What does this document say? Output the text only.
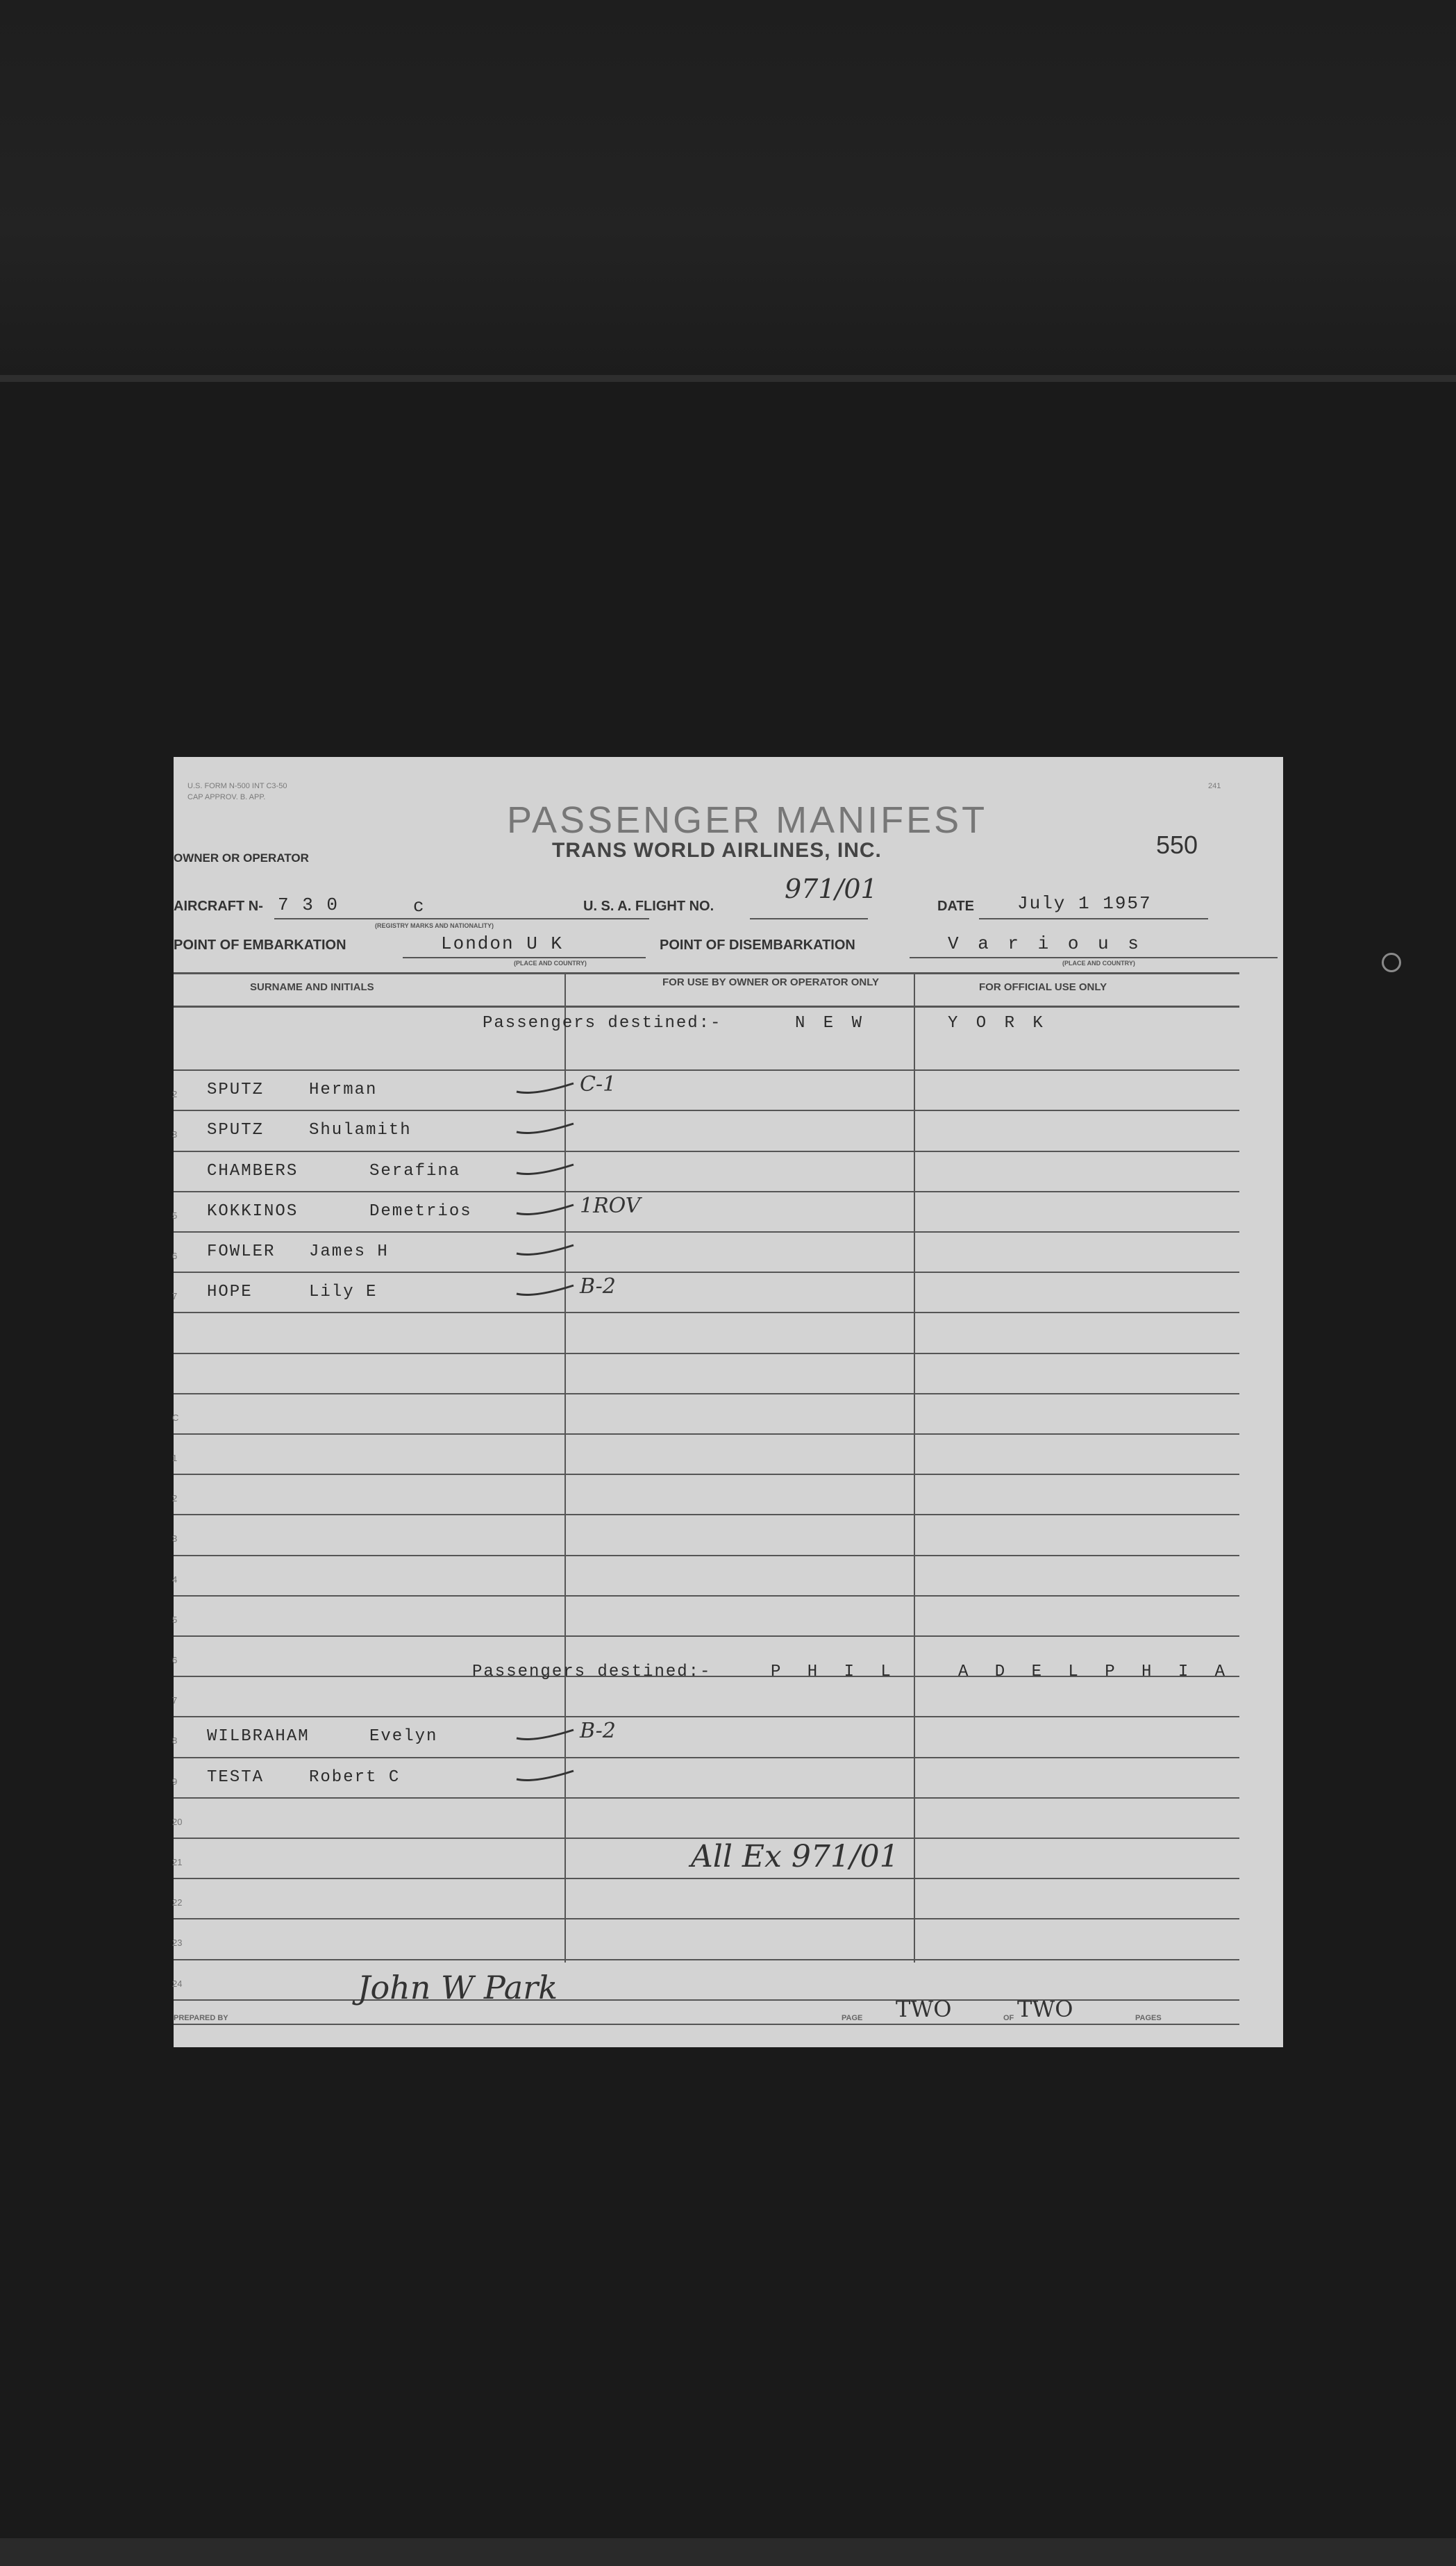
U.S. FORM N-500 INT C3-50
CAP APPROV. B. APP.
241
PASSENGER MANIFEST
TRANS WORLD AIRLINES, INC.	550
OWNER OR OPERATOR
AIRCRAFT N- 7 3 0	c
(REGISTRY MARKS AND NATIONALITY)
U. S. A. FLIGHT NO.
971/01
DATE July 1 1957
POINT OF EMBARKATION	London U K
(PLACE AND COUNTRY)
POINT OF DISEMBARKATION	V a r i o u s
(PLACE AND COUNTRY)
SURNAME AND INITIALS	FOR USE BY OWNER OR OPERATOR ONLY	FOR OFFICIAL USE ONLY
2 SPUTZ	Herman	C-1
3 SPUTZ	Shulamith
CHAMBERS	Serafina
5 KOKKINOS	Demetrios	1ROV
6 FOWLER James H
7 HOPE	Lily E	B-2
C
1
2
3
4
5
6
7
8 WILBRAHAM	Evelyn	B-2
9 TESTA	Robert C
20
21
22
23
24
Passengers destined:-	N E W	Y O R K
Passengers destined:-	P H I L	A D E L P H I A
All Ex 971/01
PREPARED BY
John W Park
PAGE TWO	OF TWO	PAGES
